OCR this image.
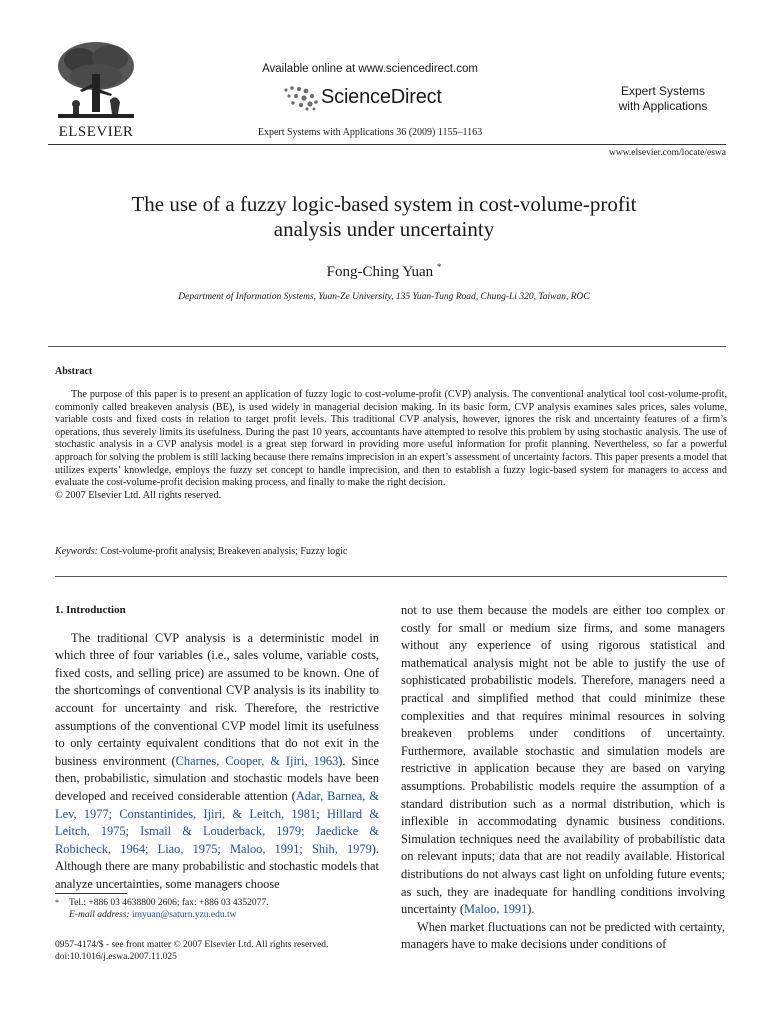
ELSEVIER
Available online at www.sciencedirect.com
ScienceDirect
Expert Systems with Applications 36 (2009) 1155–1163
Expert Systems
with Applications
www.elsevier.com/locate/eswa
The use of a fuzzy logic-based system in cost-volume-profit
analysis under uncertainty
Fong-Ching Yuan *
Department of Information Systems, Yuan-Ze University, 135 Yuan-Tung Road, Chung-Li 320, Taiwan, ROC
Abstract

The purpose of this paper is to present an application of fuzzy logic to cost-volume-profit (CVP) analysis. The conventional analytical tool cost-volume-profit, commonly called breakeven analysis (BE), is used widely in managerial decision making. In its basic form, CVP analysis examines sales prices, sales volume, variable costs and fixed costs in relation to target profit levels. This traditional CVP analysis, however, ignores the risk and uncertainty features of a firm’s operations, thus severely limits its usefulness. During the past 10 years, accountants have attempted to resolve this problem by using stochastic analysis. The use of stochastic analysis in a CVP analysis model is a great step forward in providing more useful information for profit planning. Nevertheless, so far a powerful approach for solving the problem is still lacking because there remains imprecision in an expert’s assessment of uncertainty factors. This paper presents a model that utilizes experts’ knowledge, employs the fuzzy set concept to handle imprecision, and then to establish a fuzzy logic-based system for managers to access and evaluate the cost-volume-profit decision making process, and finally to make the right decision.

© 2007 Elsevier Ltd. All rights reserved.

Keywords: Cost-volume-profit analysis; Breakeven analysis; Fuzzy logic

1. Introduction

The traditional CVP analysis is a deterministic model in which three of four variables (i.e., sales volume, variable costs, fixed costs, and selling price) are assumed to be known. One of the shortcomings of conventional CVP analysis is its inability to account for uncertainty and risk. Therefore, the restrictive assumptions of the conventional CVP model limit its usefulness to only certainty equivalent conditions that do not exit in the business environment (Charnes, Cooper, & Ijiri, 1963). Since then, probabilistic, simulation and stochastic models have been developed and received considerable attention (Adar, Barnea, & Lev, 1977; Constantinides, Ijiri, & Leitch, 1981; Hillard & Leitch, 1975; Ismail & Louderback, 1979; Jaedicke & Robicheck, 1964; Liao, 1975; Maloo, 1991; Shih, 1979). Although there are many probabilistic and stochastic models that analyze uncertainties, some managers choose

not to use them because the models are either too complex or costly for small or medium size firms, and some managers without any experience of using rigorous statistical and mathematical analysis might not be able to justify the use of sophisticated probabilistic models. Therefore, managers need a practical and simplified method that could minimize these complexities and that requires minimal resources in solving breakeven problems under conditions of uncertainty. Furthermore, available stochastic and simulation models are restrictive in application because they are based on varying assumptions. Probabilistic models require the assumption of a standard distribution such as a normal distribution, which is inflexible in accommodating dynamic business conditions. Simulation techniques need the availability of probabilistic data on relevant inputs; data that are not readily available. Historical distributions do not always cast light on unfolding future events; as such, they are inadequate for handling conditions involving uncertainty (Maloo, 1991).

When market fluctuations can not be predicted with certainty, managers have to make decisions under conditions of

* Tel.: +886 03 4638800 2606; fax: +886 03 4352077.
E-mail address: imyuan@saturn.yzu.edu.tw
0957-4174/$ - see front matter © 2007 Elsevier Ltd. All rights reserved.
doi:10.1016/j.eswa.2007.11.025
